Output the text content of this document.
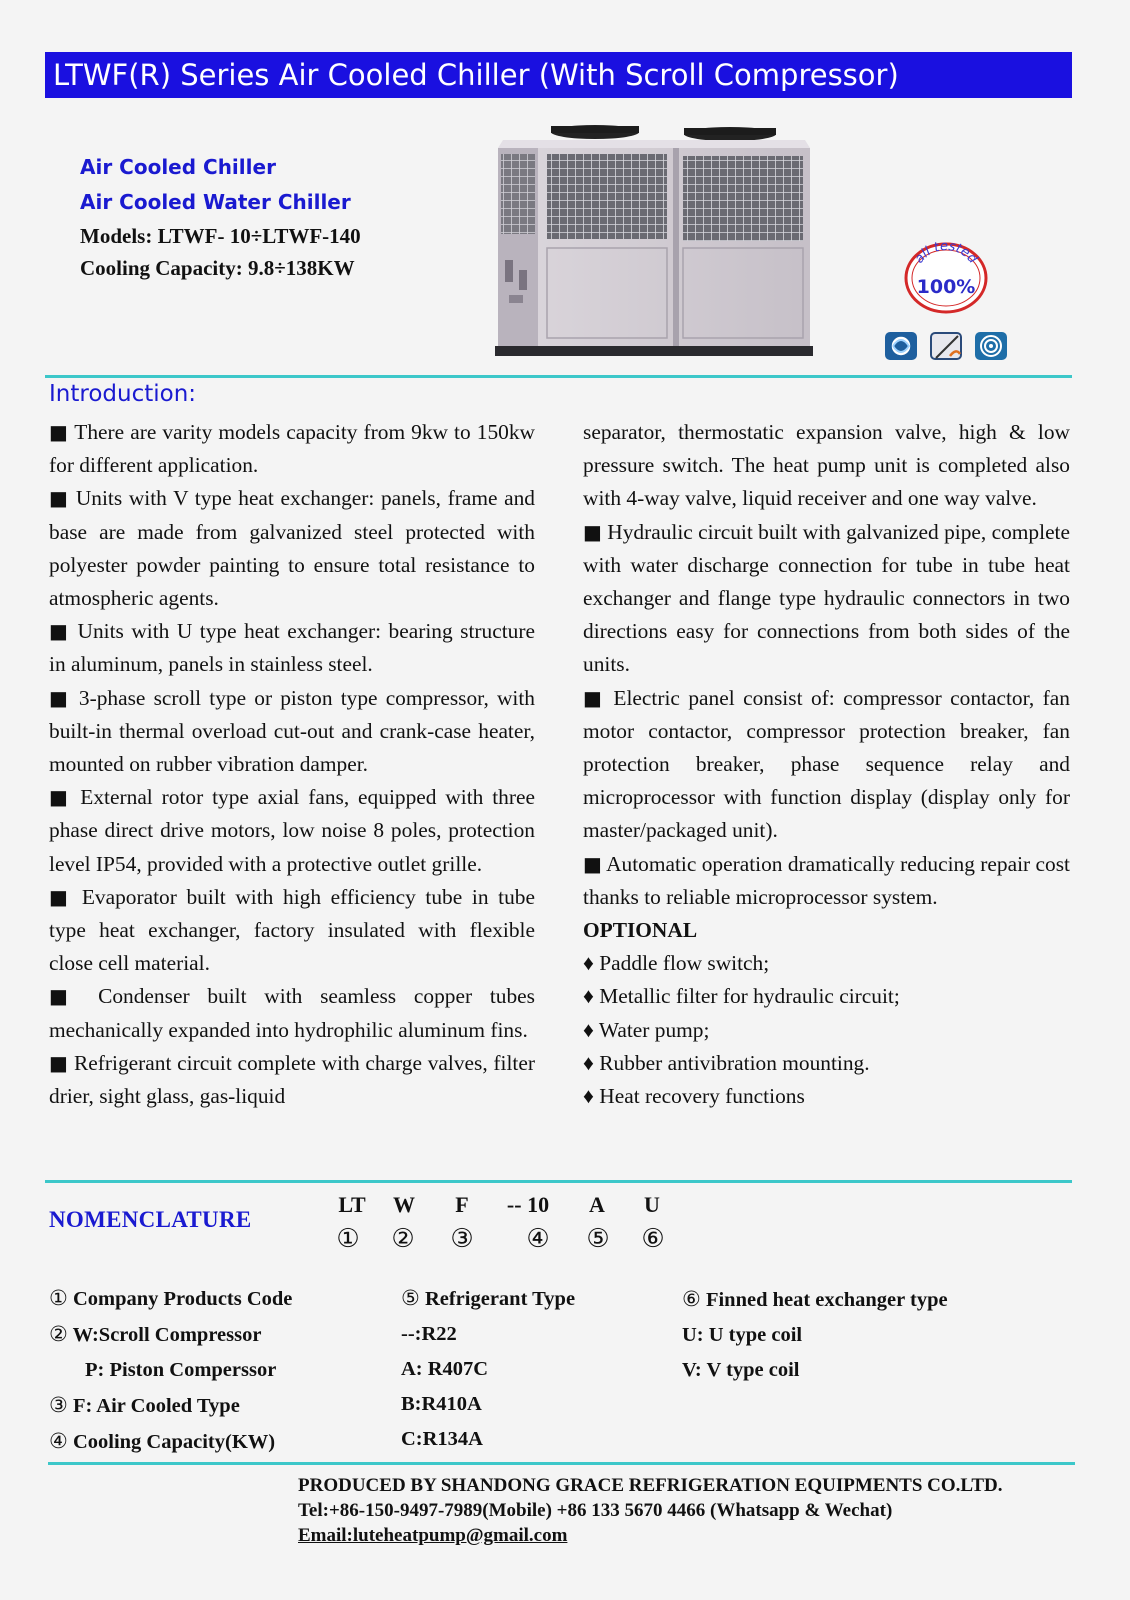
LTWF(R) Series Air Cooled Chiller (With Scroll Compressor)
Air Cooled Chiller
Air Cooled Water Chiller
Models: LTWF- 10÷LTWF-140
Cooling Capacity: 9.8÷138KW	all tested
100%

Introduction:

■ There are varity models capacity from 9kw to 150kw for different application.

■ Units with V type heat exchanger: panels, frame and base are made from galvanized steel protected with polyester powder painting to ensure total resistance to atmospheric agents.

■ Units with U type heat exchanger: bearing structure in aluminum, panels in stainless steel.

■ 3-phase scroll type or piston type compressor, with built-in thermal overload cut-out and crank-case heater, mounted on rubber vibration damper.

■ External rotor type axial fans, equipped with three phase direct drive motors, low noise 8 poles, protection level IP54, provided with a protective outlet grille.

■ Evaporator built with high efficiency tube in tube type heat exchanger, factory insulated with flexible close cell material.

■ Condenser built with seamless copper tubes mechanically expanded into hydrophilic aluminum fins.

■ Refrigerant circuit complete with charge valves, filter drier, sight glass, gas-liquid

separator, thermostatic expansion valve, high & low pressure switch. The heat pump unit is completed also with 4-way valve, liquid receiver and one way valve.

■ Hydraulic circuit built with galvanized pipe, complete with water discharge connection for tube in tube heat exchanger and flange type hydraulic connectors in two directions easy for connections from both sides of the units.

■ Electric panel consist of: compressor contactor, fan motor contactor, compressor protection breaker, fan protection breaker, phase sequence relay and microprocessor with function display (display only for master/packaged unit).

■ Automatic operation dramatically reducing repair cost thanks to reliable microprocessor system.

OPTIONAL

♦ Paddle flow switch;

♦ Metallic filter for hydraulic circuit;

♦ Water pump;

♦ Rubber antivibration mounting.

♦ Heat recovery functions

NOMENCLATURE
LT	W	F	-- 10	A	U
①	②	③	④	⑤	⑥
① Company Products Code
② W:Scroll Compressor
P: Piston Comperssor
③ F: Air Cooled Type
④ Cooling Capacity(KW)
⑤ Refrigerant Type
--:R22
A: R407C
B:R410A
C:R134A
⑥ Finned heat exchanger type
U: U type coil
V: V type coil
PRODUCED BY SHANDONG GRACE REFRIGERATION EQUIPMENTS CO.LTD.
Tel:+86-150-9497-7989(Mobile) +86 133 5670 4466 (Whatsapp & Wechat)
Email:luteheatpump@gmail.com
